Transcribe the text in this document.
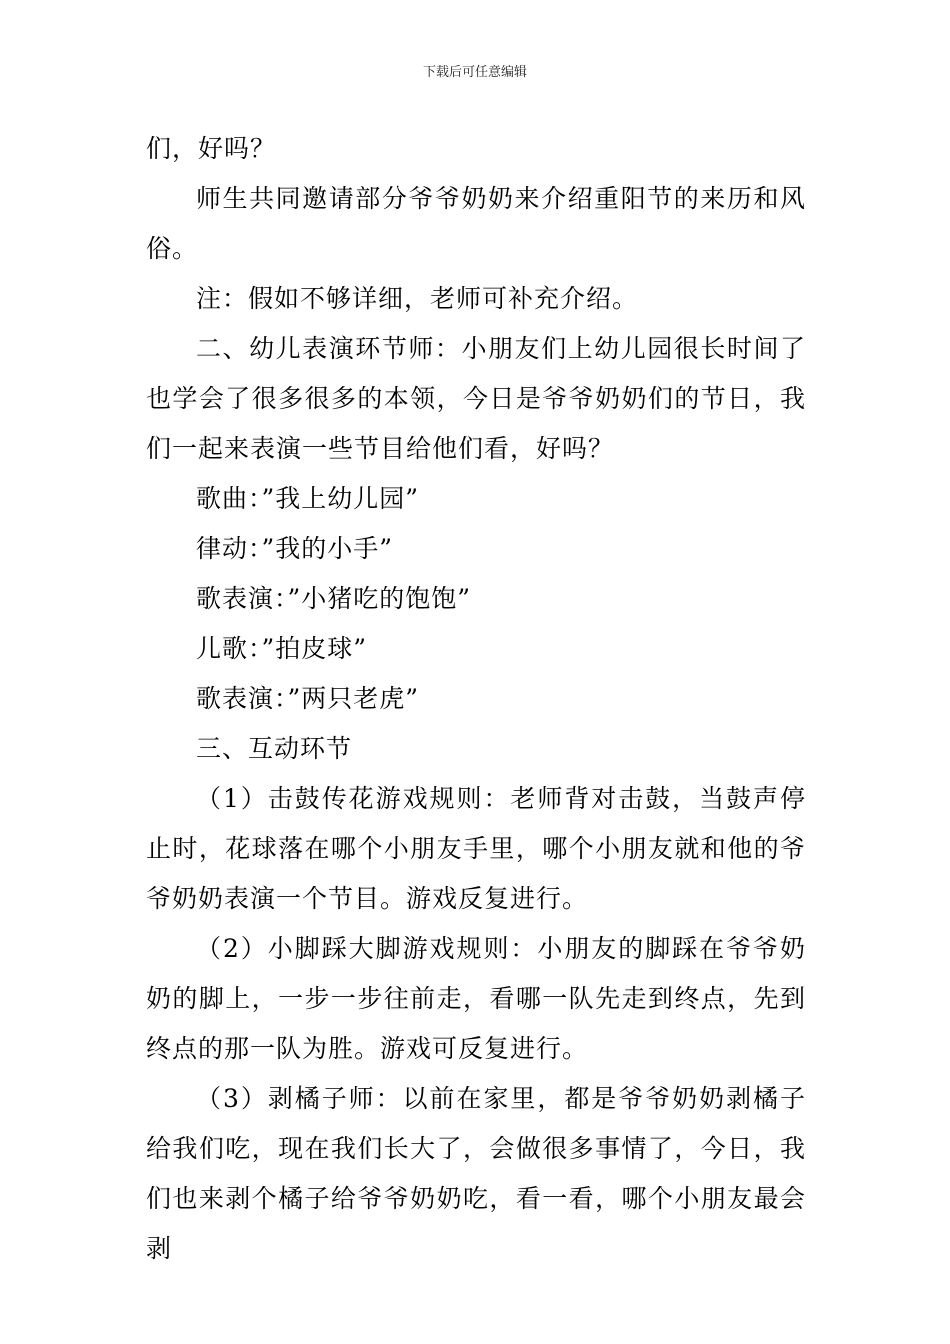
下载后可任意编辑

们，好吗？

师生共同邀请部分爷爷奶奶来介绍重阳节的来历和风俗。

注：假如不够详细，老师可补充介绍。

二、幼儿表演环节师：小朋友们上幼儿园很长时间了也学会了很多很多的本领，今日是爷爷奶奶们的节日，我们一起来表演一些节目给他们看，好吗？

歌曲：”我上幼儿园”

律动：”我的小手”

歌表演：”小猪吃的饱饱”

儿歌：”拍皮球”

歌表演：”两只老虎”

三、互动环节

（1）击鼓传花游戏规则：老师背对击鼓，当鼓声停止时，花球落在哪个小朋友手里，哪个小朋友就和他的爷爷奶奶表演一个节目。游戏反复进行。

（2）小脚踩大脚游戏规则：小朋友的脚踩在爷爷奶奶的脚上，一步一步往前走，看哪一队先走到终点，先到终点的那一队为胜。游戏可反复进行。

（3）剥橘子师：以前在家里，都是爷爷奶奶剥橘子给我们吃，现在我们长大了，会做很多事情了，今日，我们也来剥个橘子给爷爷奶奶吃，看一看，哪个小朋友最会剥
